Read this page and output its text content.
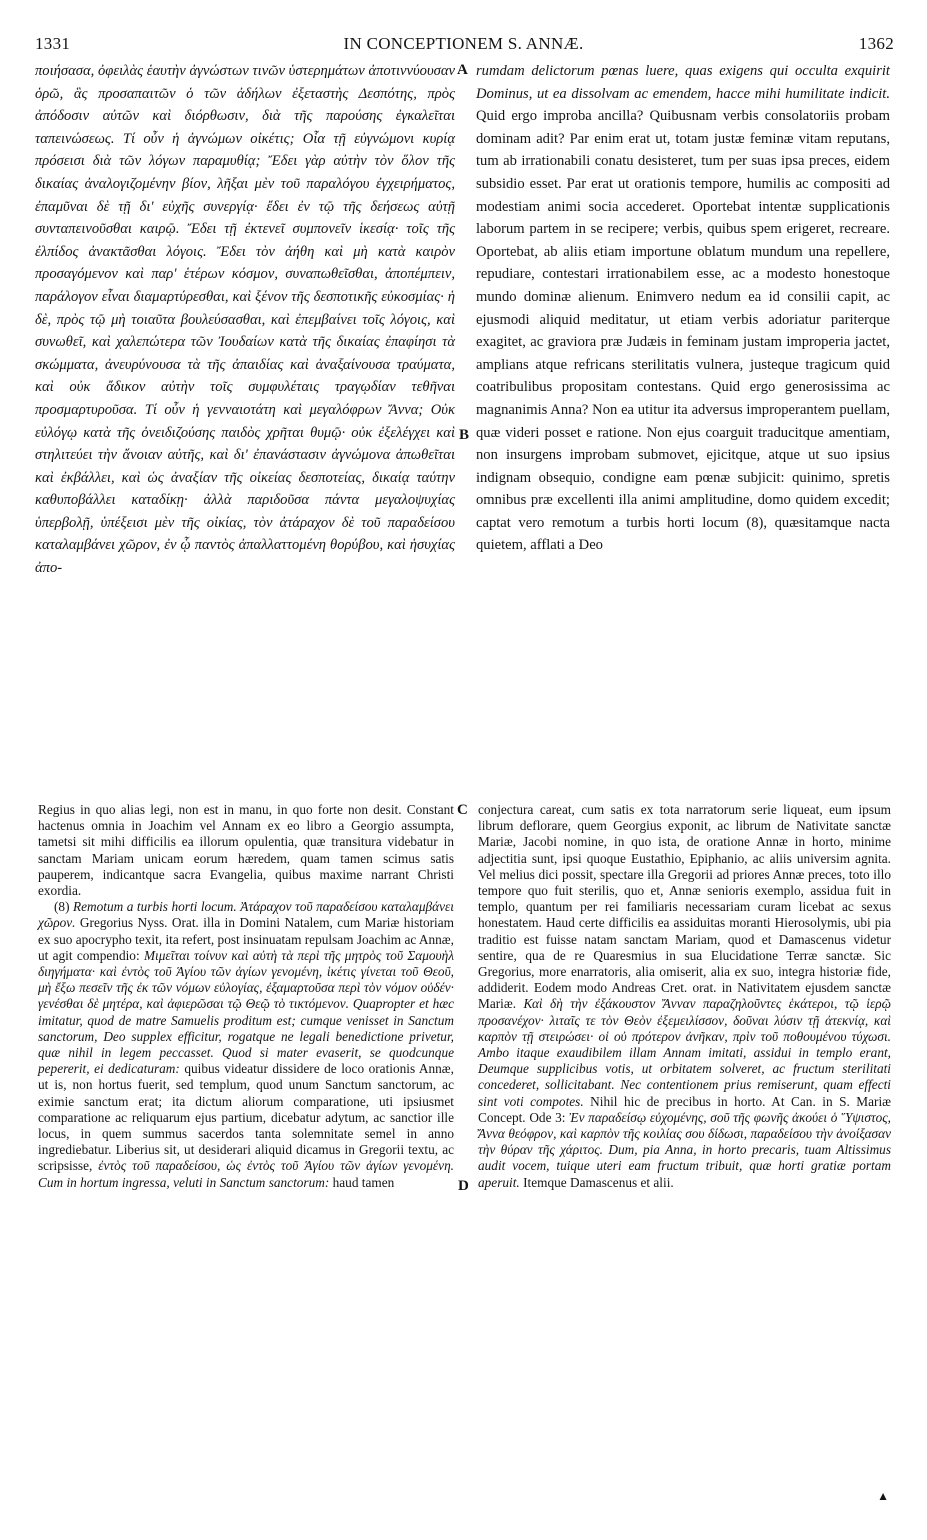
1331	IN CONCEPTIONEM S. ANNÆ.	1362
A
B
C
D

ποιήσασα, ὀφειλὰς ἑαυτὴν ἀγνώστων τινῶν ὑστερημάτων ἀποτιννύουσαν ὁρῶ, ἃς προσαπαιτῶν ὁ τῶν ἀδήλων ἐξεταστὴς Δεσπότης, πρὸς ἀπόδοσιν αὐτῶν καὶ διόρθωσιν, διὰ τῆς παρούσης ἐγκαλεῖται ταπεινώσεως. Τί οὖν ἡ ἀγνώμων οἰκέτις; Οἷα τῇ εὐγνώμονι κυρίᾳ πρόσεισι διὰ τῶν λόγων παραμυθίᾳ; Ἔδει γὰρ αὐτὴν τὸν ὅλον τῆς δικαίας ἀναλογιζομένην βίον, λῆξαι μὲν τοῦ παραλόγου ἐγχειρήματος, ἐπαμῦναι δὲ τῇ δι' εὐχῆς συνεργίᾳ· ἔδει ἐν τῷ τῆς δεήσεως αὐτῇ συνταπεινοῦσθαι καιρῷ. Ἔδει τῇ ἐκτενεῖ συμπονεῖν ἱκεσίᾳ· τοῖς τῆς ἐλπίδος ἀνακτᾶσθαι λόγοις. Ἔδει τὸν ἀήθη καὶ μὴ κατὰ καιρὸν προσαγόμενον καὶ παρ' ἑτέρων κόσμον, συναπωθεῖσθαι, ἀποπέμπειν, παράλογον εἶναι διαμαρτύρεσθαι, καὶ ξένον τῆς δεσποτικῆς εὐκοσμίας· ἡ δὲ, πρὸς τῷ μὴ τοιαῦτα βουλεύσασθαι, καὶ ἐπεμβαίνει τοῖς λόγοις, καὶ συνωθεῖ, καὶ χαλεπώτερα τῶν Ἰουδαίων κατὰ τῆς δικαίας ἐπαφίησι τὰ σκώμματα, ἀνευρύνουσα τὰ τῆς ἀπαιδίας καὶ ἀναξαίνουσα τραύματα, καὶ οὐκ ἄδικον αὐτὴν τοῖς συμφυλέταις τραγῳδίαν τεθῆναι προσμαρτυροῦσα. Τί οὖν ἡ γενναιοτάτη καὶ μεγαλόφρων Ἄννα; Οὐκ εὐλόγῳ κατὰ τῆς ὀνειδιζούσης παιδὸς χρῆται θυμῷ· οὐκ ἐξελέγχει καὶ στηλιτεύει τὴν ἄνοιαν αὐτῆς, καὶ δι' ἐπανάστασιν ἀγνώμονα ἀπωθεῖται καὶ ἐκβάλλει, καὶ ὡς ἀναξίαν τῆς οἰκείας δεσποτείας, δικαίᾳ ταύτην καθυποβάλλει καταδίκῃ· ἀλλὰ παριδοῦσα πάντα μεγαλοψυχίας ὑπερβολῇ, ὑπέξεισι μὲν τῆς οἰκίας, τὸν ἀτάραχον δὲ τοῦ παραδείσου καταλαμβάνει χῶρον, ἐν ᾧ παντὸς ἀπαλλαττομένη θορύβου, καὶ ἡσυχίας ἀπο-

rumdam delictorum pœnas luere, quas exigens qui occulta exquirit Dominus, ut ea dissolvam ac emendem, hacce mihi humilitate indicit. Quid ergo improba ancilla? Quibusnam verbis consolatoriis probam dominam adit? Par enim erat ut, totam justæ feminæ vitam reputans, tum ab irrationabili conatu desisteret, tum per suas ipsa preces, eidem subsidio esset. Par erat ut orationis tempore, humilis ac compositi ad modestiam animi socia accederet. Oportebat intentæ supplicationis laborum partem in se recipere; verbis, quibus spem erigeret, recreare. Oportebat, ab aliis etiam importune oblatum mundum una repellere, repudiare, contestari irrationabilem esse, ac a modesto honestoque mundo dominæ alienum. Enimvero nedum ea id consilii capit, ac ejusmodi aliquid meditatur, ut etiam verbis adoriatur pariterque exagitet, ac graviora præ Judæis in feminam justam improperia jactet, amplians atque refricans sterilitatis vulnera, justeque tragicum quid coatribulibus propositam contestans. Quid ergo generosissima ac magnanimis Anna? Non ea utitur ita adversus improperantem puellam, quæ videri posset e ratione. Non ejus coarguit traducitque amentiam, non insurgens improbam submovet, ejicitque, atque ut suo ipsius indignam obsequio, condigne eam pœnæ subjicit: quinimo, spretis omnibus præ excellenti illa animi amplitudine, domo quidem excedit; captat vero remotum a turbis horti locum (8), quæsitamque nacta quietem, afflati a Deo

Regius in quo alias legi, non est in manu, in quo forte non desit. Constant hactenus omnia in Joachim vel Annam ex eo libro a Georgio assumpta, tametsi sit mihi difficilis ea illorum opulentia, quæ transitura videbatur in sanctam Mariam unicam eorum hæredem, quam tamen scimus satis pauperem, indicantque sacra Evangelia, quibus maxime narrant Christi exordia.

(8) Remotum a turbis horti locum. Ἀτάραχον τοῦ παραδείσου καταλαμβάνει χῶρον. Gregorius Nyss. Orat. illa in Domini Natalem, cum Mariæ historiam ex suo apocrypho texit, ita refert, post insinuatam repulsam Joachim ac Annæ, ut agit compendio: Μιμεῖται τοίνυν καὶ αὐτὴ τὰ περὶ τῆς μητρὸς τοῦ Σαμουὴλ διηγήματα· καὶ ἐντὸς τοῦ Ἁγίου τῶν ἁγίων γενομένη, ἱκέτις γίνεται τοῦ Θεοῦ, μὴ ἔξω πεσεῖν τῆς ἐκ τῶν νόμων εὐλογίας, ἐξαμαρτοῦσα περὶ τὸν νόμον οὐδέν· γενέσθαι δὲ μητέρα, καὶ ἀφιερῶσαι τῷ Θεῷ τὸ τικτόμενον. Quapropter et hæc imitatur, quod de matre Samuelis proditum est; cumque venisset in Sanctum sanctorum, Deo supplex efficitur, rogatque ne legali benedictione privetur, quæ nihil in legem peccasset. Quod si mater evaserit, se quodcunque pepererit, ei dedicaturam: quibus videatur dissidere de loco orationis Annæ, ut is, non hortus fuerit, sed templum, quod unum Sanctum sanctorum, ac eximie sanctum erat; ita dictum aliorum comparatione, uti ipsiusmet comparatione ac reliquarum ejus partium, dicebatur adytum, ac sanctior ille locus, in quem summus sacerdos tanta solemnitate semel in anno ingrediebatur. Liberius sit, ut desiderari aliquid dicamus in Gregorii textu, ac scripsisse, ἐντὸς τοῦ παραδείσου, ὡς ἐντὸς τοῦ Ἁγίου τῶν ἁγίων γενομένη. Cum in hortum ingressa, veluti in Sanctum sanctorum: haud tamen

conjectura careat, cum satis ex tota narratorum serie liqueat, eum ipsum librum deflorare, quem Georgius exponit, ac librum de Nativitate sanctæ Mariæ, Jacobi nomine, in quo ista, de oratione Annæ in horto, minime adjectitia sunt, ipsi quoque Eustathio, Epiphanio, ac aliis universim agnita. Vel melius dici possit, spectare illa Gregorii ad priores Annæ preces, toto illo tempore quo fuit sterilis, quo et, Annæ senioris exemplo, assidua fuit in templo, quantum per rei familiaris necessariam curam licebat ac sexus honestatem. Haud certe difficilis ea assiduitas moranti Hierosolymis, ubi pia traditio est fuisse natam sanctam Mariam, quod et Damascenus videtur sentire, qua de re Quaresmius in sua Elucidatione Terræ sanctæ. Sic Gregorius, more enarratoris, alia omiserit, alia ex suo, integra historiæ fide, addiderit. Eodem modo Andreas Cret. orat. in Nativitatem ejusdem sanctæ Mariæ. Καὶ δὴ τὴν ἐξάκουστον Ἄνναν παραζηλοῦντες ἑκάτεροι, τῷ ἱερῷ προσανέχον· λιταῖς τε τὸν Θεὸν ἐξεμειλίσσον, δοῦναι λύσιν τῇ ἀτεκνίᾳ, καὶ καρπὸν τῇ στειρώσει· οἱ οὐ πρότερον ἀνῆκαν, πρὶν τοῦ ποθουμένου τύχωσι. Ambo itaque exaudibilem illam Annam imitati, assidui in templo erant, Deumque supplicibus votis, ut orbitatem solveret, ac fructum sterilitati concederet, sollicitabant. Nec contentionem prius remiserunt, quam effecti sint voti compotes. Nihil hic de precibus in horto. At Can. in S. Mariæ Concept. Ode 3: Ἐν παραδείσῳ εὐχομένης, σοῦ τῆς φωνῆς ἀκούει ὁ Ὕψιστος, Ἄννα θεόφρον, καὶ καρπὸν τῆς κοιλίας σου δίδωσι, παραδείσου τὴν ἀνοίξασαν τὴν θύραν τῆς χάριτος. Dum, pia Anna, in horto precaris, tuam Altissimus audit vocem, tuique uteri eam fructum tribuit, quæ horti gratiæ portam aperuit. Itemque Damascenus et alii.

▲
